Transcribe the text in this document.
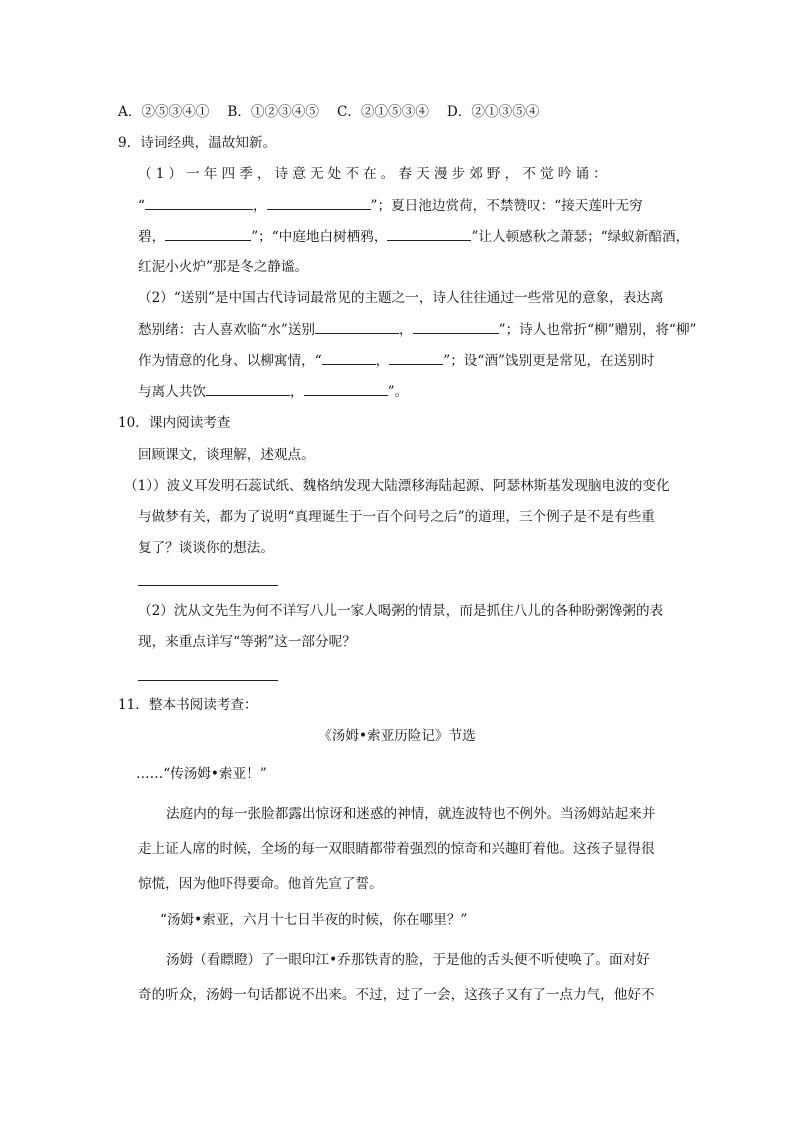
A．②⑤③④① B．①②③④⑤ C．②①⑤③④ D．②①③⑤④
9．诗词经典，温故知新。
（1）一年四季，诗意无处不在。春天漫步郊野，不觉吟诵：
“	，	”；夏日池边赏荷，不禁赞叹：“接天莲叶无穷
碧，	”；“中庭地白树栖鸦，	”让人顿感秋之萧瑟；“绿蚁新醅酒，
红泥小火炉”那是冬之静谧。
（2）“送别”是中国古代诗词最常见的主题之一，诗人往往通过一些常见的意象，表达离
愁别绪：古人喜欢临“水”送别	，	”；诗人也常折“柳”赠别，将“柳”
作为情意的化身、以柳寓情，“	，	”；设“酒”饯别更是常见，在送别时
与离人共饮	，	”。
10．课内阅读考查
回顾课文，谈理解，述观点。
（1））波义耳发明石蕊试纸、魏格纳发现大陆漂移海陆起源、阿瑟林斯基发现脑电波的变化
与做梦有关，都为了说明“真理诞生于一百个问号之后”的道理，三个例子是不是有些重
复了？谈谈你的想法。
（2）沈从文先生为何不详写八儿一家人喝粥的情景，而是抓住八儿的各种盼粥馋粥的表
现，来重点详写“等粥”这一部分呢？
11．整本书阅读考查：
《汤姆•索亚历险记》节选
……“传汤姆•索亚！”
法庭内的每一张脸都露出惊讶和迷惑的神情，就连波特也不例外。当汤姆站起来并
走上证人席的时候，全场的每一双眼睛都带着强烈的惊奇和兴趣盯着他。这孩子显得很
惊慌，因为他吓得要命。他首先宣了誓。
“汤姆•索亚，六月十七日半夜的时候，你在哪里？”
汤姆（看瞟瞪）了一眼印江•乔那铁青的脸，于是他的舌头便不听使唤了。面对好
奇的听众，汤姆一句话都说不出来。不过，过了一会，这孩子又有了一点力气，他好不
